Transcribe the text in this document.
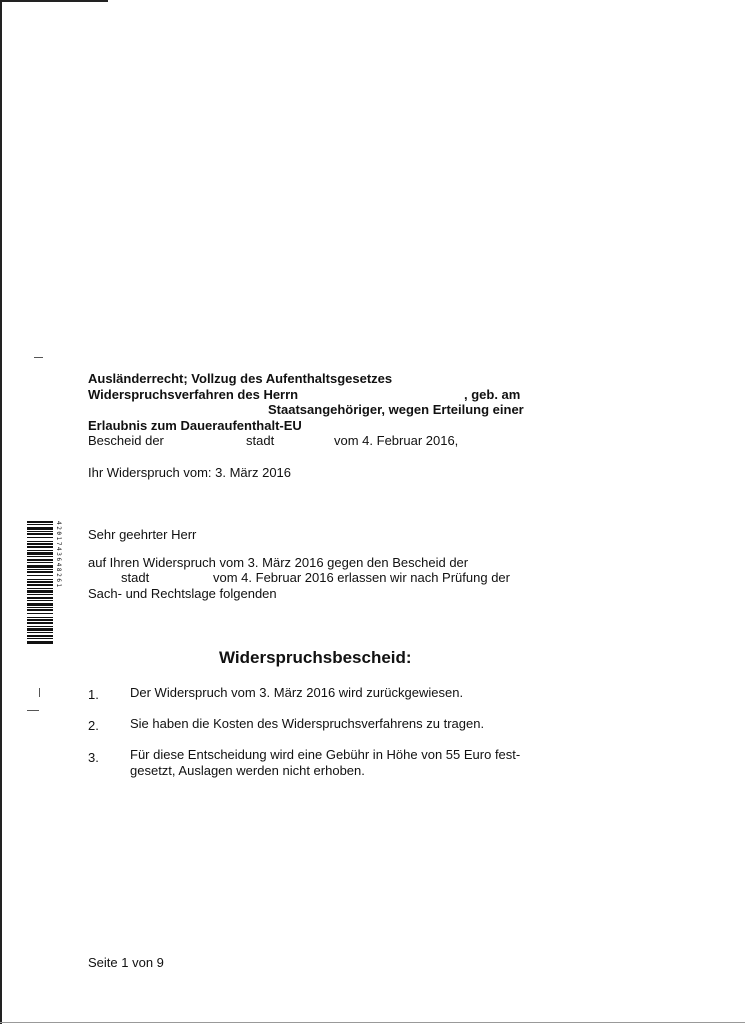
Ausländerrecht; Vollzug des Aufenthaltsgesetzes
Widerspruchsverfahren des Herrn	, geb. am
Staatsangehöriger, wegen Erteilung einer
Erlaubnis zum Daueraufenthalt-EU
Bescheid der	stadt	vom 4. Februar 2016,
Ihr Widerspruch vom: 3. März 2016
4201743648261 Sehr geehrter Herr
auf Ihren Widerspruch vom 3. März 2016 gegen den Bescheid der
stadt	vom 4. Februar 2016 erlassen wir nach Prüfung der
Sach- und Rechtslage folgenden
Widerspruchsbescheid:
1.	Der Widerspruch vom 3. März 2016 wird zurückgewiesen.
2.	Sie haben die Kosten des Widerspruchsverfahrens zu tragen.
3.	Für diese Entscheidung wird eine Gebühr in Höhe von 55 Euro fest-
gesetzt, Auslagen werden nicht erhoben.
Seite 1 von 9
